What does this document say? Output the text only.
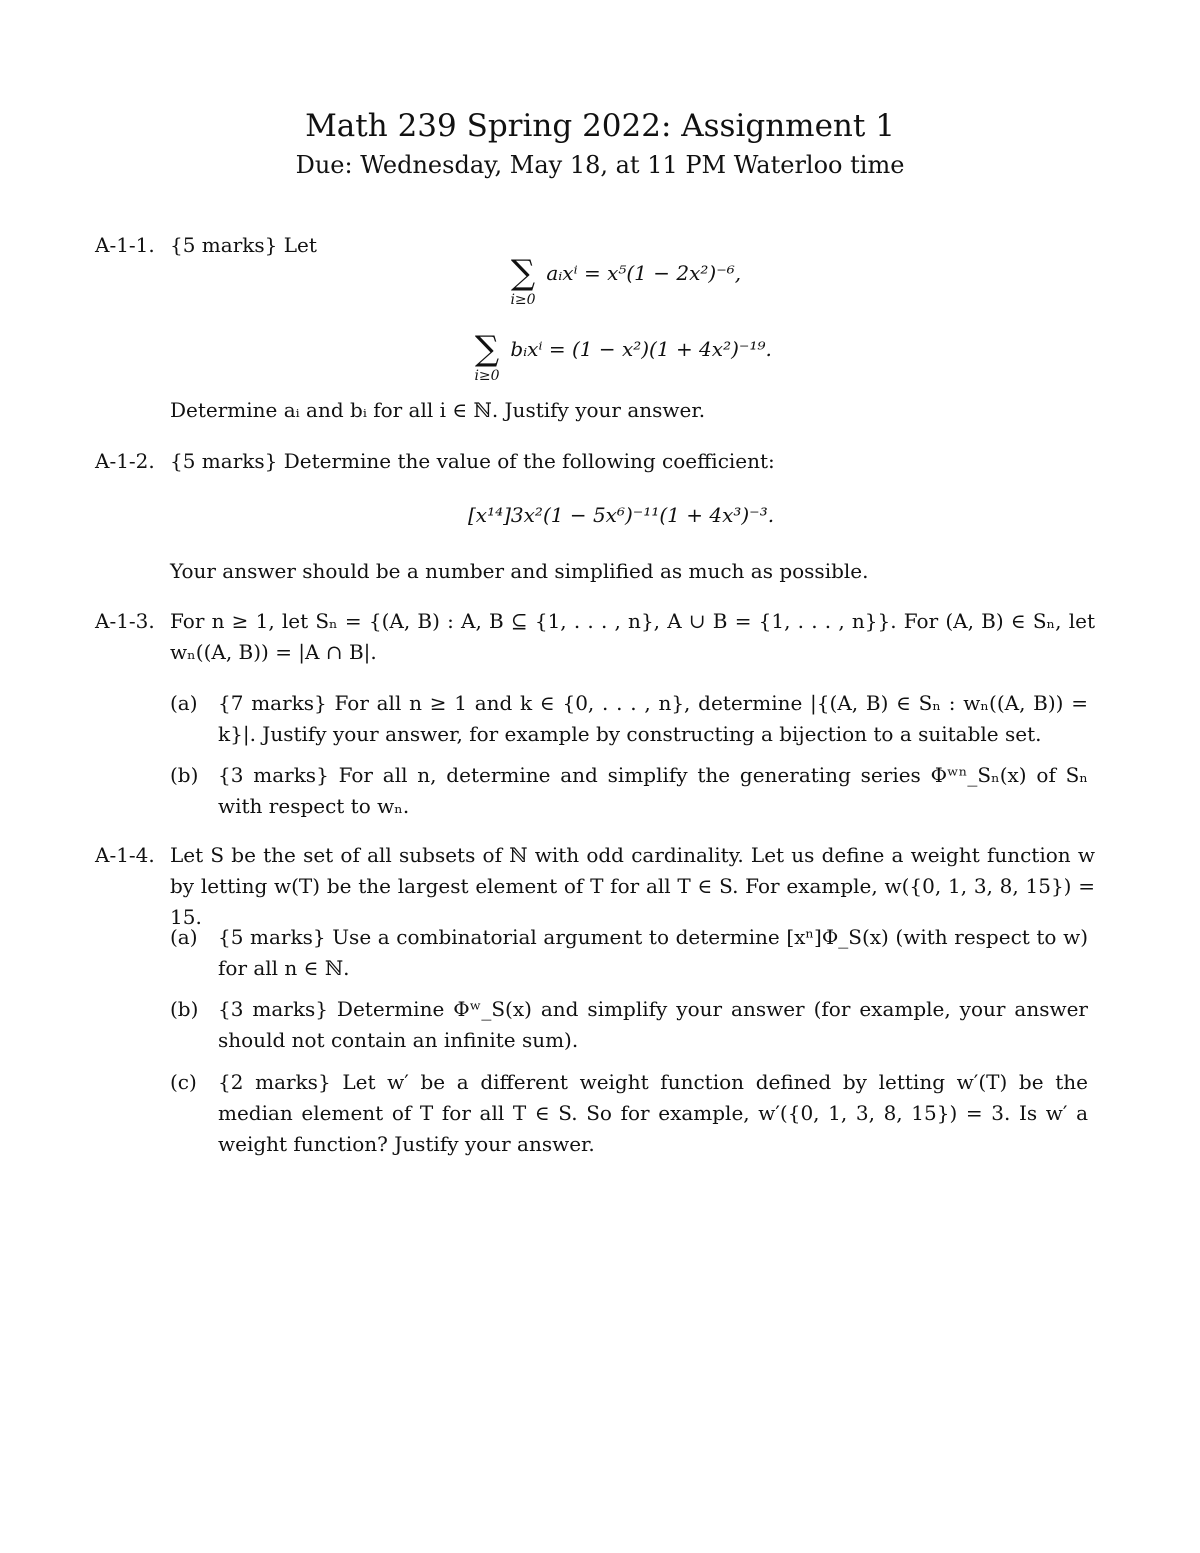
Math 239 Spring 2022: Assignment 1
Due: Wednesday, May 18, at 11 PM Waterloo time
A-1-1. {5 marks} Let

∑
i≥0
aᵢxⁱ = x⁵(1 − 2x²)⁻⁶,
∑
i≥0
bᵢxⁱ = (1 − x²)(1 + 4x²)⁻¹⁹.

Determine aᵢ and bᵢ for all i ∈ ℕ. Justify your answer.

A-1-2. {5 marks} Determine the value of the following coefficient:

[x¹⁴]3x²(1 − 5x⁶)⁻¹¹(1 + 4x³)⁻³.

Your answer should be a number and simplified as much as possible.

A-1-3. For n ≥ 1, let Sₙ = {(A, B) : A, B ⊆ {1, . . . , n}, A ∪ B = {1, . . . , n}}. For (A, B) ∈ Sₙ, let wₙ((A, B)) = |A ∩ B|.

(a) {7 marks} For all n ≥ 1 and k ∈ {0, . . . , n}, determine |{(A, B) ∈ Sₙ : wₙ((A, B)) = k}|. Justify your answer, for example by constructing a bijection to a suitable set.
(b) {3 marks} For all n, determine and simplify the generating series Φʷⁿ_Sₙ(x) of Sₙ with respect to wₙ.
A-1-4. Let S be the set of all subsets of ℕ with odd cardinality. Let us define a weight function w by letting w(T) be the largest element of T for all T ∈ S. For example, w({0, 1, 3, 8, 15}) = 15.

(a) {5 marks} Use a combinatorial argument to determine [xⁿ]Φ_S(x) (with respect to w) for all n ∈ ℕ.
(b) {3 marks} Determine Φʷ_S(x) and simplify your answer (for example, your answer should not contain an infinite sum).
(c) {2 marks} Let w′ be a different weight function defined by letting w′(T) be the median element of T for all T ∈ S. So for example, w′({0, 1, 3, 8, 15}) = 3. Is w′ a weight function? Justify your answer.
